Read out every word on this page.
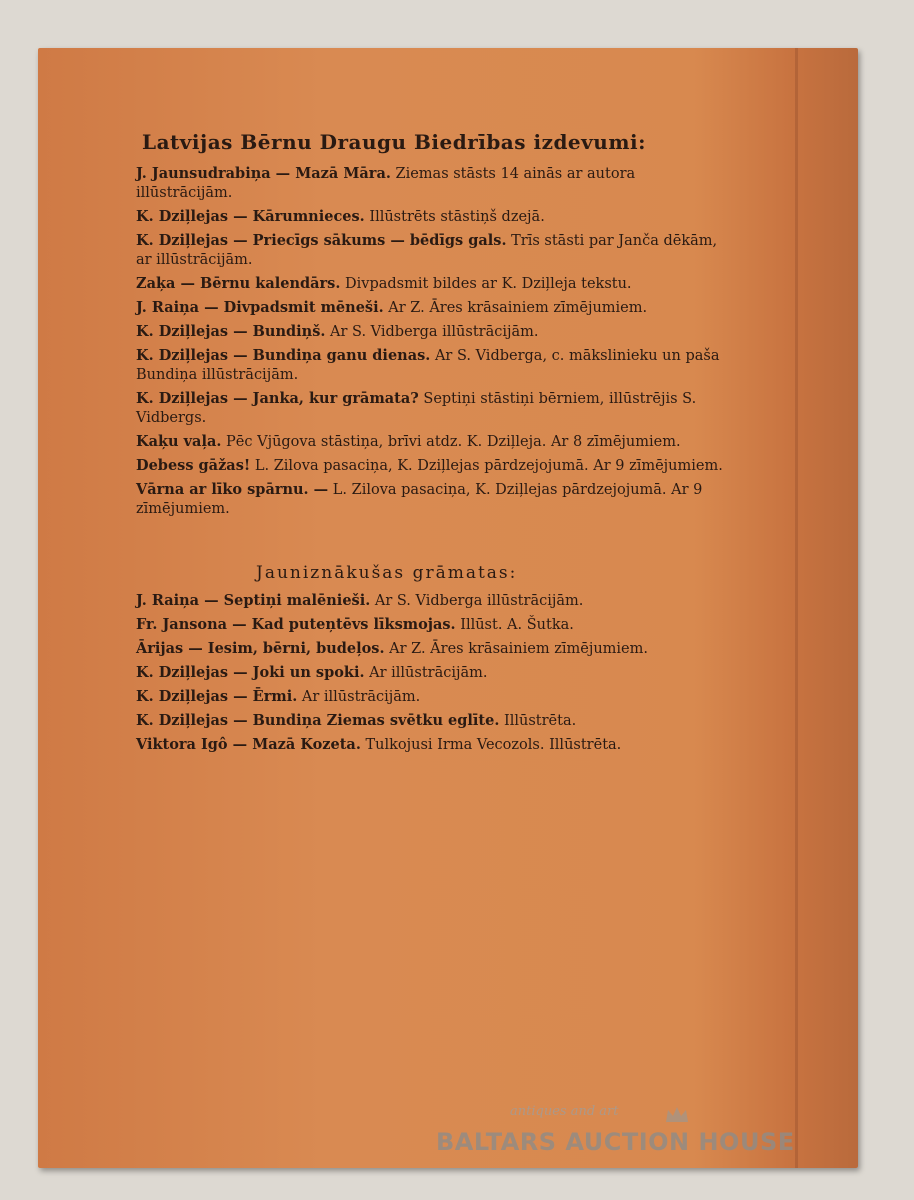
Latvijas Bērnu Draugu Biedrības izdevumi:

J. Jaunsudrabiņa — Mazā Māra. Ziemas stāsts 14 ainās ar autora illūstrācijām.

K. Dziļlejas — Kārumnieces. Illūstrēts stāstiņš dzejā.

K. Dziļlejas — Priecīgs sākums — bēdīgs gals. Trīs stāsti par Janča dēkām, ar illūstrācijām.

Zaķa — Bērnu kalendārs. Divpadsmit bildes ar K. Dziļleja tekstu.

J. Raiņa — Divpadsmit mēneši. Ar Z. Āres krāsainiem zīmējumiem.

K. Dziļlejas — Bundiņš. Ar S. Vidberga illūstrācijām.

K. Dziļlejas — Bundiņa ganu dienas. Ar S. Vidberga, c. mākslinieku un paša Bundiņa illūstrācijām.

K. Dziļlejas — Janka, kur grāmata? Septiņi stāstiņi bērniem, illūstrējis S. Vidbergs.

Kaķu vaļa. Pēc Vjūgova stāstiņa, brīvi atdz. K. Dziļleja. Ar 8 zīmējumiem.

Debess gāžas! L. Zilova pasaciņa, K. Dziļlejas pārdzejojumā. Ar 9 zīmējumiem.

Vārna ar līko spārnu. — L. Zilova pasaciņa, K. Dziļlejas pārdzejojumā. Ar 9 zīmējumiem.

Jauniznākušas grāmatas:

J. Raiņa — Septiņi malēnieši. Ar S. Vidberga illūstrācijām.

Fr. Jansona — Kad puteņtēvs līksmojas. Illūst. A. Šutka.

Ārijas — Iesim, bērni, budeļos. Ar Z. Āres krāsainiem zīmējumiem.

K. Dziļlejas — Joki un spoki. Ar illūstrācijām.

K. Dziļlejas — Ērmi. Ar illūstrācijām.

K. Dziļlejas — Bundiņa Ziemas svētku eglīte. Illūstrēta.

Viktora Igô — Mazā Kozeta. Tulkojusi Irma Vecozols. Illūstrēta.

antiques and art
BALTARS AUCTION HOUSE
